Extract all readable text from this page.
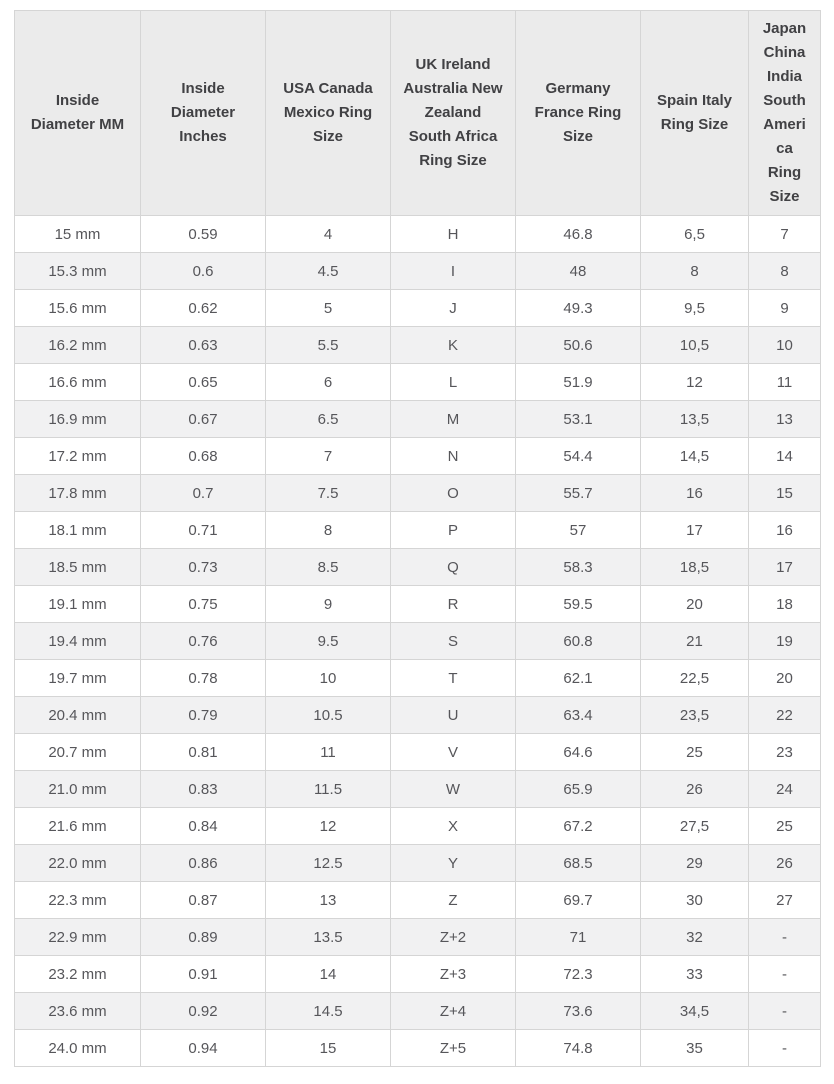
Inside Diameter MM	Inside Diameter Inches	USA Canada Mexico Ring Size	UK Ireland Australia New Zealand South Africa Ring Size	Germany France Ring Size	Spain Italy Ring Size	Japan China India South America Ring Size
15 mm	0.59	4	H	46.8	6,5	7
15.3 mm	0.6	4.5	I	48	8	8
15.6 mm	0.62	5	J	49.3	9,5	9
16.2 mm	0.63	5.5	K	50.6	10,5	10
16.6 mm	0.65	6	L	51.9	12	11
16.9 mm	0.67	6.5	M	53.1	13,5	13
17.2 mm	0.68	7	N	54.4	14,5	14
17.8 mm	0.7	7.5	O	55.7	16	15
18.1 mm	0.71	8	P	57	17	16
18.5 mm	0.73	8.5	Q	58.3	18,5	17
19.1 mm	0.75	9	R	59.5	20	18
19.4 mm	0.76	9.5	S	60.8	21	19
19.7 mm	0.78	10	T	62.1	22,5	20
20.4 mm	0.79	10.5	U	63.4	23,5	22
20.7 mm	0.81	11	V	64.6	25	23
21.0 mm	0.83	11.5	W	65.9	26	24
21.6 mm	0.84	12	X	67.2	27,5	25
22.0 mm	0.86	12.5	Y	68.5	29	26
22.3 mm	0.87	13	Z	69.7	30	27
22.9 mm	0.89	13.5	Z+2	71	32	-
23.2 mm	0.91	14	Z+3	72.3	33	-
23.6 mm	0.92	14.5	Z+4	73.6	34,5	-
24.0 mm	0.94	15	Z+5	74.8	35	-
